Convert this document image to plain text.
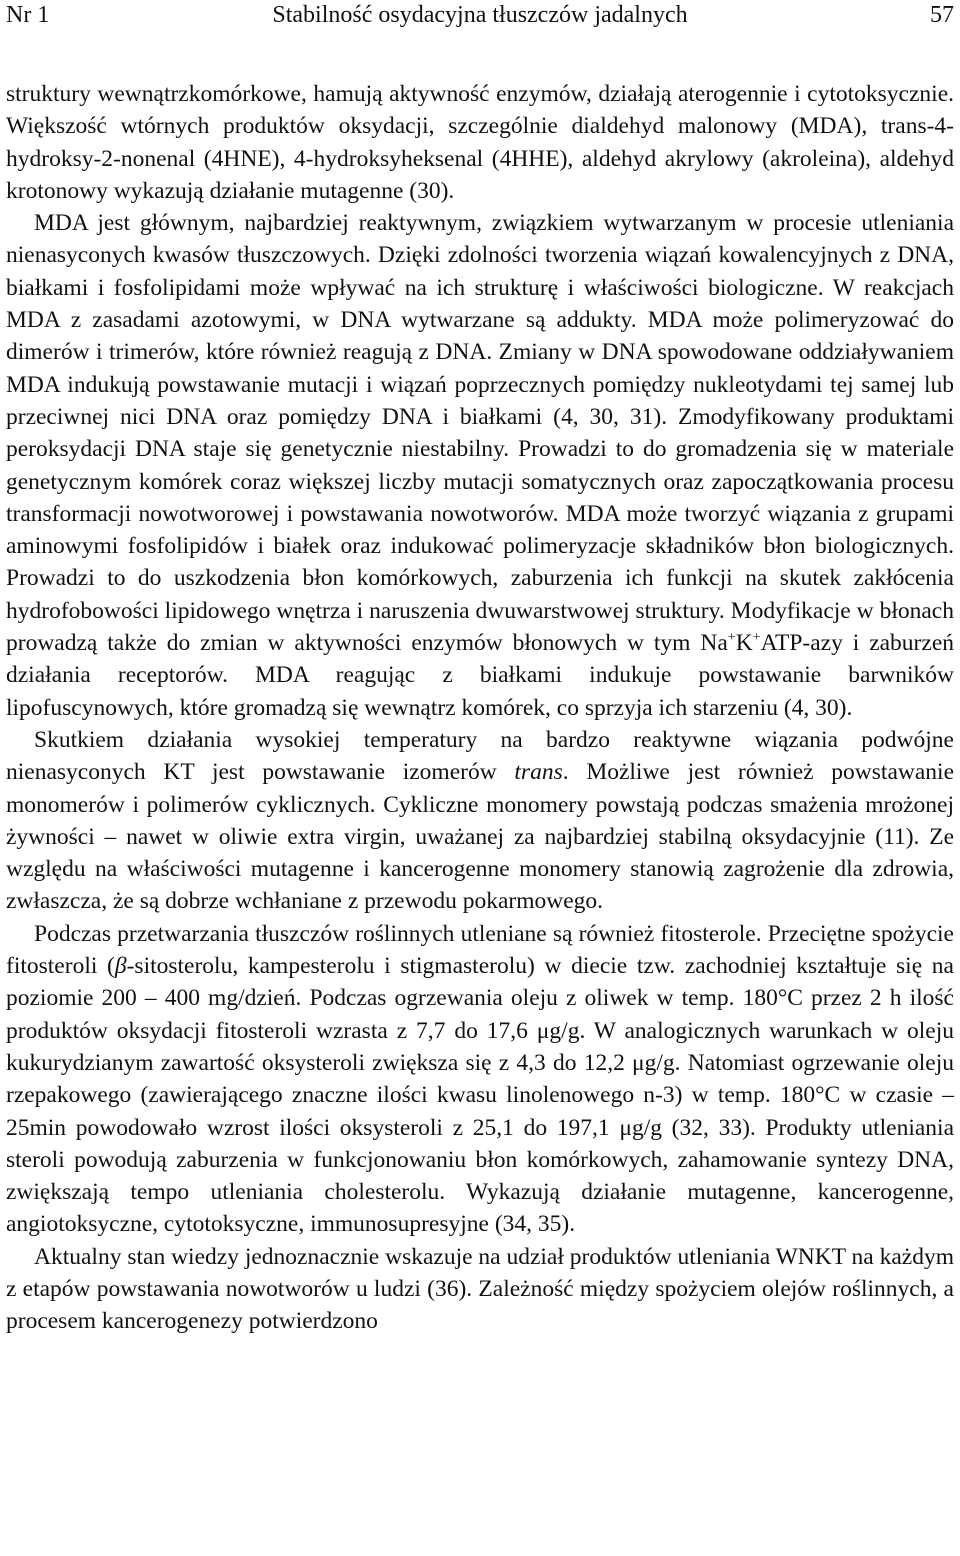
Nr 1	Stabilność osydacyjna tłuszczów jadalnych	57

struktury wewnątrzkomórkowe, hamują aktywność enzymów, działają aterogennie i cytotoksycznie. Większość wtórnych produktów oksydacji, szczególnie dialdehyd malonowy (MDA), trans-4-hydroksy-2-nonenal (4HNE), 4-hydroksyheksenal (4HHE), aldehyd akrylowy (akroleina), aldehyd krotonowy wykazują działanie mutagenne (30).

MDA jest głównym, najbardziej reaktywnym, związkiem wytwarzanym w procesie utleniania nienasyconych kwasów tłuszczowych. Dzięki zdolności tworzenia wiązań kowalencyjnych z DNA, białkami i fosfolipidami może wpływać na ich strukturę i właściwości biologiczne. W reakcjach MDA z zasadami azotowymi, w DNA wytwarzane są addukty. MDA może polimeryzować do dimerów i trimerów, które również reagują z DNA. Zmiany w DNA spowodowane oddziaływaniem MDA indukują powstawanie mutacji i wiązań poprzecznych pomiędzy nukleotydami tej samej lub przeciwnej nici DNA oraz pomiędzy DNA i białkami (4, 30, 31). Zmodyfikowany produktami peroksydacji DNA staje się genetycznie niestabilny. Prowadzi to do gromadzenia się w materiale genetycznym komórek coraz większej liczby mutacji somatycznych oraz zapoczątkowania procesu transformacji nowotworowej i powstawania nowotworów. MDA może tworzyć wiązania z grupami aminowymi fosfolipidów i białek oraz indukować polimeryzacje składników błon biologicznych. Prowadzi to do uszkodzenia błon komórkowych, zaburzenia ich funkcji na skutek zakłócenia hydrofobowości lipidowego wnętrza i naruszenia dwuwarstwowej struktury. Modyfikacje w błonach prowadzą także do zmian w aktywności enzymów błonowych w tym Na+K+ATP-azy i zaburzeń działania receptorów. MDA reagując z białkami indukuje powstawanie barwników lipofuscynowych, które gromadzą się wewnątrz komórek, co sprzyja ich starzeniu (4, 30).

Skutkiem działania wysokiej temperatury na bardzo reaktywne wiązania podwójne nienasyconych KT jest powstawanie izomerów trans. Możliwe jest również powstawanie monomerów i polimerów cyklicznych. Cykliczne monomery powstają podczas smażenia mrożonej żywności – nawet w oliwie extra virgin, uważanej za najbardziej stabilną oksydacyjnie (11). Ze względu na właściwości mutagenne i kancerogenne monomery stanowią zagrożenie dla zdrowia, zwłaszcza, że są dobrze wchłaniane z przewodu pokarmowego.

Podczas przetwarzania tłuszczów roślinnych utleniane są również fitosterole. Przeciętne spożycie fitosteroli (β-sitosterolu, kampesterolu i stigmasterolu) w diecie tzw. zachodniej kształtuje się na poziomie 200 – 400 mg/dzień. Podczas ogrzewania oleju z oliwek w temp. 180°C przez 2 h ilość produktów oksydacji fitosteroli wzrasta z 7,7 do 17,6 μg/g. W analogicznych warunkach w oleju kukurydzianym zawartość oksysteroli zwiększa się z 4,3 do 12,2 μg/g. Natomiast ogrzewanie oleju rzepakowego (zawierającego znaczne ilości kwasu linolenowego n-3) w temp. 180°C w czasie – 25min powodowało wzrost ilości oksysteroli z 25,1 do 197,1 μg/g (32, 33). Produkty utleniania steroli powodują zaburzenia w funkcjonowaniu błon komórkowych, zahamowanie syntezy DNA, zwiększają tempo utleniania cholesterolu. Wykazują działanie mutagenne, kancerogenne, angiotoksyczne, cytotoksyczne, immunosupresyjne (34, 35).

Aktualny stan wiedzy jednoznacznie wskazuje na udział produktów utleniania WNKT na każdym z etapów powstawania nowotworów u ludzi (36). Zależność między spożyciem olejów roślinnych, a procesem kancerogenezy potwierdzono
